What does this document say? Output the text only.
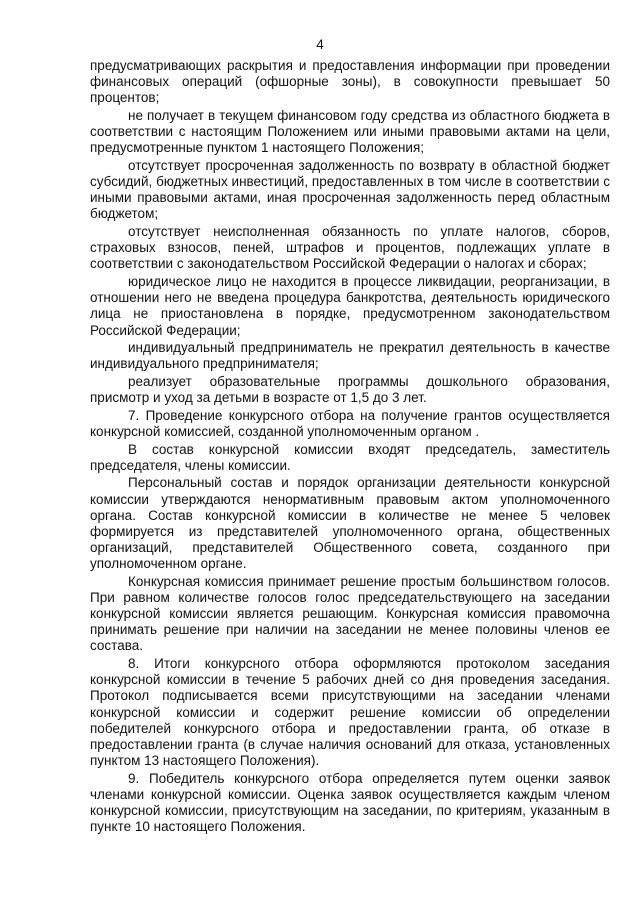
4

предусматривающих раскрытия и предоставления информации при проведении финансовых операций (офшорные зоны), в совокупности превышает 50 процентов;

не получает в текущем финансовом году средства из областного бюджета в соответствии с настоящим Положением или иными правовыми актами на цели, предусмотренные пунктом 1 настоящего Положения;

отсутствует просроченная задолженность по возврату в областной бюджет субсидий, бюджетных инвестиций, предоставленных в том числе в соответствии с иными правовыми актами, иная просроченная задолженность перед областным бюджетом;

отсутствует неисполненная обязанность по уплате налогов, сборов, страховых взносов, пеней, штрафов и процентов, подлежащих уплате в соответствии с законодательством Российской Федерации о налогах и сборах;

юридическое лицо не находится в процессе ликвидации, реорганизации, в отношении него не введена процедура банкротства, деятельность юридического лица не приостановлена в порядке, предусмотренном законодательством Российской Федерации;

индивидуальный предприниматель не прекратил деятельность в качестве индивидуального предпринимателя;

реализует образовательные программы дошкольного образования, присмотр и уход за детьми в возрасте от 1,5 до 3 лет.

7. Проведение конкурсного отбора на получение грантов осуществляется конкурсной комиссией, созданной уполномоченным органом .

В состав конкурсной комиссии входят председатель, заместитель председателя, члены комиссии.

Персональный состав и порядок организации деятельности конкурсной комиссии утверждаются ненормативным правовым актом уполномоченного органа. Состав конкурсной комиссии в количестве не менее 5 человек формируется из представителей уполномоченного органа, общественных организаций, представителей Общественного совета, созданного при уполномоченном органе.

Конкурсная комиссия принимает решение простым большинством голосов. При равном количестве голосов голос председательствующего на заседании конкурсной комиссии является решающим. Конкурсная комиссия правомочна принимать решение при наличии на заседании не менее половины членов ее состава.

8. Итоги конкурсного отбора оформляются протоколом заседания конкурсной комиссии в течение 5 рабочих дней со дня проведения заседания. Протокол подписывается всеми присутствующими на заседании членами конкурсной комиссии и содержит решение комиссии об определении победителей конкурсного отбора и предоставлении гранта, об отказе в предоставлении гранта (в случае наличия оснований для отказа, установленных пунктом 13 настоящего Положения).

9. Победитель конкурсного отбора определяется путем оценки заявок членами конкурсной комиссии. Оценка заявок осуществляется каждым членом конкурсной комиссии, присутствующим на заседании, по критериям, указанным в пункте 10 настоящего Положения.
